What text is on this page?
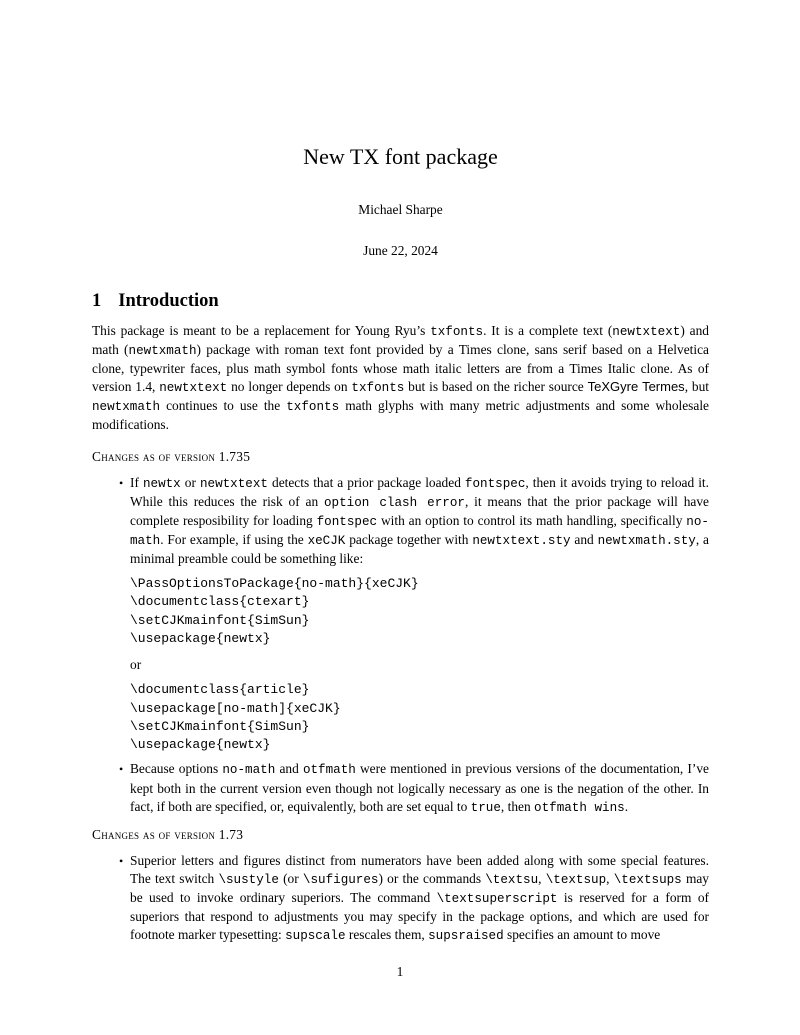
New TX font package
Michael Sharpe
June 22, 2024
1 Introduction

This package is meant to be a replacement for Young Ryu’s txfonts. It is a complete text (newtxtext) and math (newtxmath) package with roman text font provided by a Times clone, sans serif based on a Helvetica clone, typewriter faces, plus math symbol fonts whose math italic letters are from a Times Italic clone. As of version 1.4, newtxtext no longer depends on txfonts but is based on the richer source TeXGyre Termes, but newtxmath continues to use the txfonts math glyphs with many metric adjustments and some wholesale modifications.

Changes as of version 1.735
• If newtx or newtxtext detects that a prior package loaded fontspec, then it avoids trying to reload it. While this reduces the risk of an option clash error, it means that the prior package will have complete resposibility for loading fontspec with an option to control its math handling, specifically no-math. For example, if using the xeCJK package together with newtxtext.sty and newtxmath.sty, a minimal preamble could be something like:
\PassOptionsToPackage{no-math}{xeCJK}
\documentclass{ctexart}
\setCJKmainfont{SimSun}
\usepackage{newtx}
or
\documentclass{article}
\usepackage[no-math]{xeCJK}
\setCJKmainfont{SimSun}
\usepackage{newtx}
• Because options no-math and otfmath were mentioned in previous versions of the documentation, I’ve kept both in the current version even though not logically necessary as one is the negation of the other. In fact, if both are specified, or, equivalently, both are set equal to true, then otfmath wins.
Changes as of version 1.73
• Superior letters and figures distinct from numerators have been added along with some special features. The text switch \sustyle (or \sufigures) or the commands \textsu, \textsup, \textsups may be used to invoke ordinary superiors. The command \textsuperscript is reserved for a form of superiors that respond to adjustments you may specify in the package options, and which are used for footnote marker typesetting: supscale rescales them, supsraised specifies an amount to move
1
